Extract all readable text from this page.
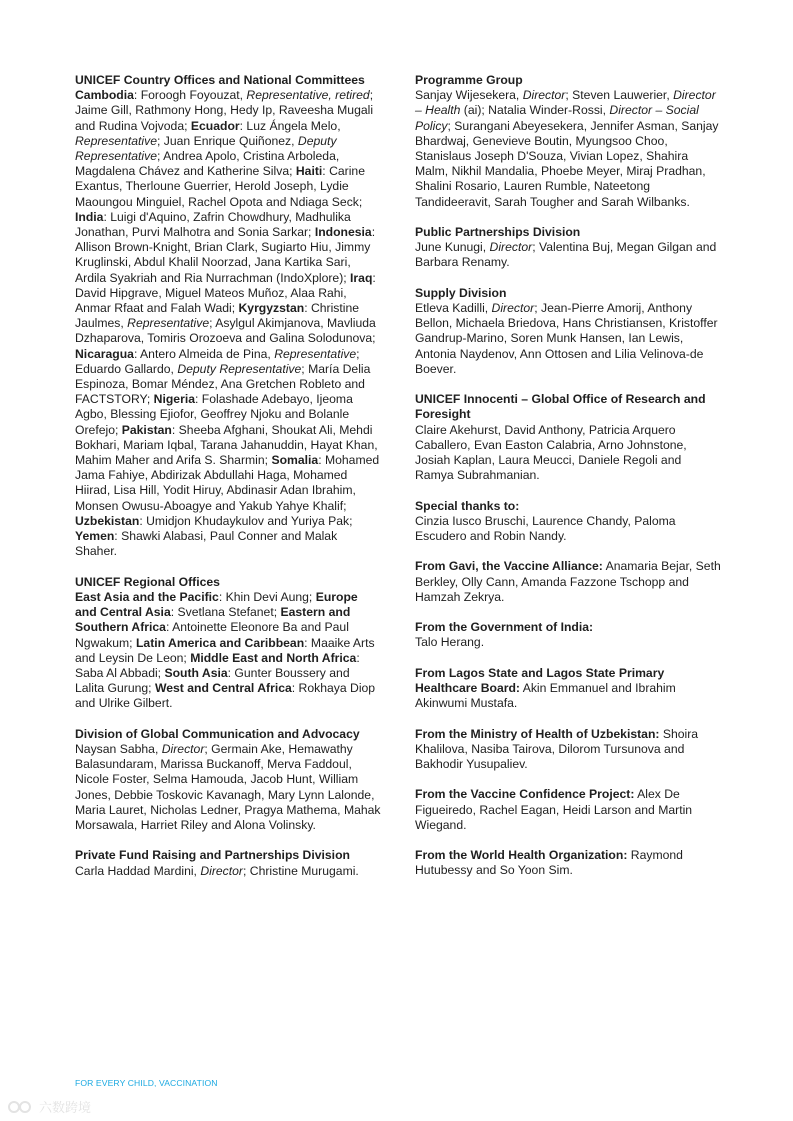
UNICEF Country Offices and National Committees

Cambodia: Foroogh Foyouzat, Representative, retired; Jaime Gill, Rathmony Hong, Hedy Ip, Raveesha Mugali and Rudina Vojvoda; Ecuador: Luz Ángela Melo, Representative; Juan Enrique Quiñonez, Deputy Representative; Andrea Apolo, Cristina Arboleda, Magdalena Chávez and Katherine Silva; Haiti: Carine Exantus, Therloune Guerrier, Herold Joseph, Lydie Maoungou Minguiel, Rachel Opota and Ndiaga Seck; India: Luigi d'Aquino, Zafrin Chowdhury, Madhulika Jonathan, Purvi Malhotra and Sonia Sarkar; Indonesia: Allison Brown-Knight, Brian Clark, Sugiarto Hiu, Jimmy Kruglinski, Abdul Khalil Noorzad, Jana Kartika Sari, Ardila Syakriah and Ria Nurrachman (IndoXplore); Iraq: David Hipgrave, Miguel Mateos Muñoz, Alaa Rahi, Anmar Rfaat and Falah Wadi; Kyrgyzstan: Christine Jaulmes, Representative; Asylgul Akimjanova, Mavliuda Dzhaparova, Tomiris Orozoeva and Galina Solodunova; Nicaragua: Antero Almeida de Pina, Representative; Eduardo Gallardo, Deputy Representative; María Delia Espinoza, Bomar Méndez, Ana Gretchen Robleto and FACTSTORY; Nigeria: Folashade Adebayo, Ijeoma Agbo, Blessing Ejiofor, Geoffrey Njoku and Bolanle Orefejo; Pakistan: Sheeba Afghani, Shoukat Ali, Mehdi Bokhari, Mariam Iqbal, Tarana Jahanuddin, Hayat Khan, Mahim Maher and Arifa S. Sharmin; Somalia: Mohamed Jama Fahiye, Abdirizak Abdullahi Haga, Mohamed Hiirad, Lisa Hill, Yodit Hiruy, Abdinasir Adan Ibrahim, Monsen Owusu-Aboagye and Yakub Yahye Khalif; Uzbekistan: Umidjon Khudaykulov and Yuriya Pak; Yemen: Shawki Alabasi, Paul Conner and Malak Shaher.

UNICEF Regional Offices

East Asia and the Pacific: Khin Devi Aung; Europe and Central Asia: Svetlana Stefanet; Eastern and Southern Africa: Antoinette Eleonore Ba and Paul Ngwakum; Latin America and Caribbean: Maaike Arts and Leysin De Leon; Middle East and North Africa: Saba Al Abbadi; South Asia: Gunter Boussery and Lalita Gurung; West and Central Africa: Rokhaya Diop and Ulrike Gilbert.

Division of Global Communication and Advocacy

Naysan Sabha, Director; Germain Ake, Hemawathy Balasundaram, Marissa Buckanoff, Merva Faddoul, Nicole Foster, Selma Hamouda, Jacob Hunt, William Jones, Debbie Toskovic Kavanagh, Mary Lynn Lalonde, Maria Lauret, Nicholas Ledner, Pragya Mathema, Mahak Morsawala, Harriet Riley and Alona Volinsky.

Private Fund Raising and Partnerships Division

Carla Haddad Mardini, Director; Christine Murugami.

Programme Group

Sanjay Wijesekera, Director; Steven Lauwerier, Director – Health (ai); Natalia Winder-Rossi, Director – Social Policy; Surangani Abeyesekera, Jennifer Asman, Sanjay Bhardwaj, Genevieve Boutin, Myungsoo Choo, Stanislaus Joseph D'Souza, Vivian Lopez, Shahira Malm, Nikhil Mandalia, Phoebe Meyer, Miraj Pradhan, Shalini Rosario, Lauren Rumble, Nateetong Tandideeravit, Sarah Tougher and Sarah Wilbanks.

Public Partnerships Division

June Kunugi, Director; Valentina Buj, Megan Gilgan and Barbara Renamy.

Supply Division

Etleva Kadilli, Director; Jean-Pierre Amorij, Anthony Bellon, Michaela Briedova, Hans Christiansen, Kristoffer Gandrup-Marino, Soren Munk Hansen, Ian Lewis, Antonia Naydenov, Ann Ottosen and Lilia Velinova-de Boever.

UNICEF Innocenti – Global Office of Research and Foresight

Claire Akehurst, David Anthony, Patricia Arquero Caballero, Evan Easton Calabria, Arno Johnstone, Josiah Kaplan, Laura Meucci, Daniele Regoli and Ramya Subrahmanian.

Special thanks to:

Cinzia Iusco Bruschi, Laurence Chandy, Paloma Escudero and Robin Nandy.

From Gavi, the Vaccine Alliance: Anamaria Bejar, Seth Berkley, Olly Cann, Amanda Fazzone Tschopp and Hamzah Zekrya.

From the Government of India:

Talo Herang.

From Lagos State and Lagos State Primary Healthcare Board: Akin Emmanuel and Ibrahim Akinwumi Mustafa.

From the Ministry of Health of Uzbekistan: Shoira Khalilova, Nasiba Tairova, Dilorom Tursunova and Bakhodir Yusupaliev.

From the Vaccine Confidence Project: Alex De Figueiredo, Rachel Eagan, Heidi Larson and Martin Wiegand.

From the World Health Organization: Raymond Hutubessy and So Yoon Sim.

FOR EVERY CHILD, VACCINATION
六数跨境
